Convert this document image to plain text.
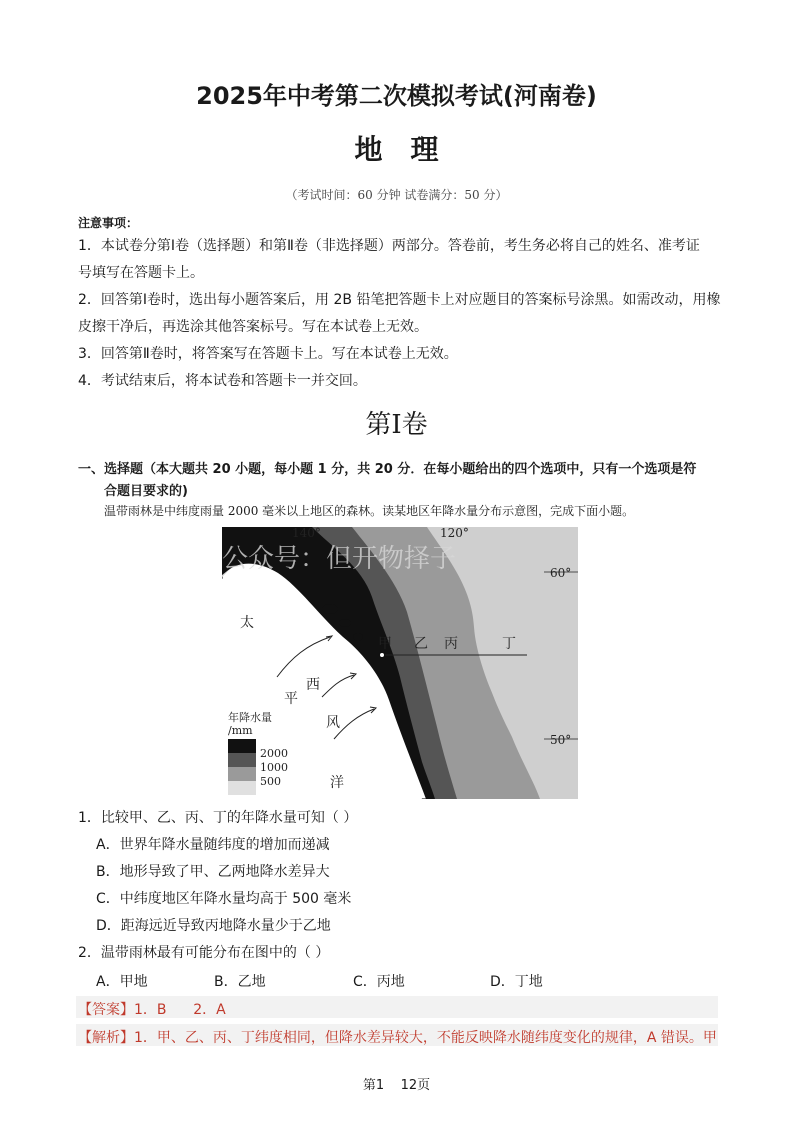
2025年中考第二次模拟考试(河南卷)
地理
（考试时间：60 分钟 试卷满分：50 分）
注意事项：
1．本试卷分第Ⅰ卷（选择题）和第Ⅱ卷（非选择题）两部分。答卷前，考生务必将自己的姓名、准考证
号填写在答题卡上。
2．回答第Ⅰ卷时，选出每小题答案后，用 2B 铅笔把答题卡上对应题目的答案标号涂黑。如需改动，用橡
皮擦干净后，再选涂其他答案标号。写在本试卷上无效。
3．回答第Ⅱ卷时，将答案写在答题卡上。写在本试卷上无效。
4．考试结束后，将本试卷和答题卡一并交回。
第Ⅰ卷
一、选择题（本大题共 20 小题，每小题 1 分，共 20 分．在每小题给出的四个选项中，只有一个选项是符
合题目要求的)
温带雨林是中纬度雨量 2000 毫米以上地区的森林。读某地区年降水量分布示意图，完成下面小题。
公众号：但开物择子
140°	120°
60°
50°
甲 乙 丙	丁
太
平
洋
西
风
年降水量
/mm
2000
1000
500
1．比较甲、乙、丙、丁的年降水量可知（ ）
A．世界年降水量随纬度的增加而递减
B．地形导致了甲、乙两地降水差异大
C．中纬度地区年降水量均高于 500 毫米
D．距海远近导致丙地降水量少于乙地
2．温带雨林最有可能分布在图中的（ ）
A．甲地	B．乙地	C．丙地	D．丁地
【答案】1．B      2．A
【解析】1．甲、乙、丙、丁纬度相同，但降水差异较大，不能反映降水随纬度变化的规律，A 错误。甲
第1    12页
